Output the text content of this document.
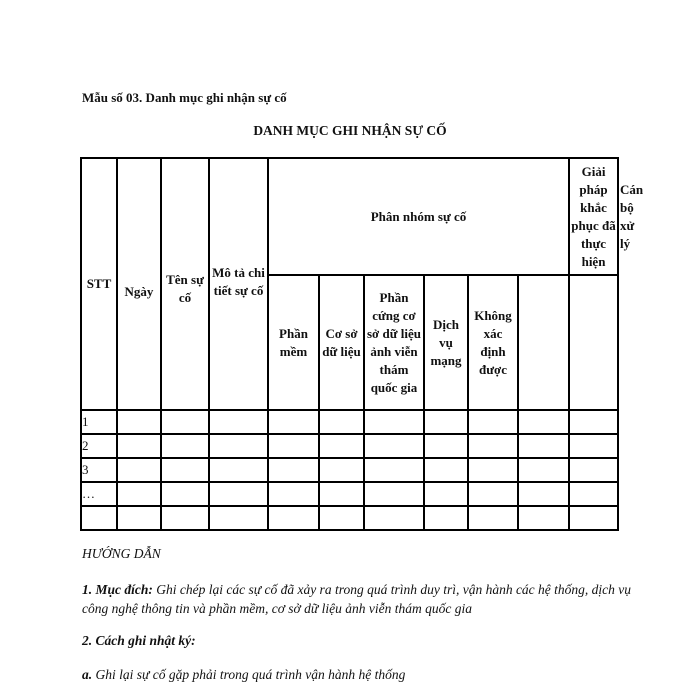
Mẫu số 03. Danh mục ghi nhận sự cố
DANH MỤC GHI NHẬN SỰ CỐ
STT	Ngày	Tên sự cố	Mô tả chi tiết sự cố	Phân nhóm sự cố						Giải pháp khắc phục đã thực hiện	Cán bộ xử lý
				Phần mềm	Cơ sở dữ liệu	Phần cứng cơ sở dữ liệu ảnh viễn thám quốc gia	Dịch vụ mạng	Không xác định được			
1											
2											
3											
…											

HƯỚNG DẪN
1. Mục đích: Ghi chép lại các sự cố đã xảy ra trong quá trình duy trì, vận hành các hệ thống, dịch vụ công nghệ thông tin và phần mềm, cơ sở dữ liệu ảnh viễn thám quốc gia
2. Cách ghi nhật ký:
a. Ghi lại sự cố gặp phải trong quá trình vận hành hệ thống
